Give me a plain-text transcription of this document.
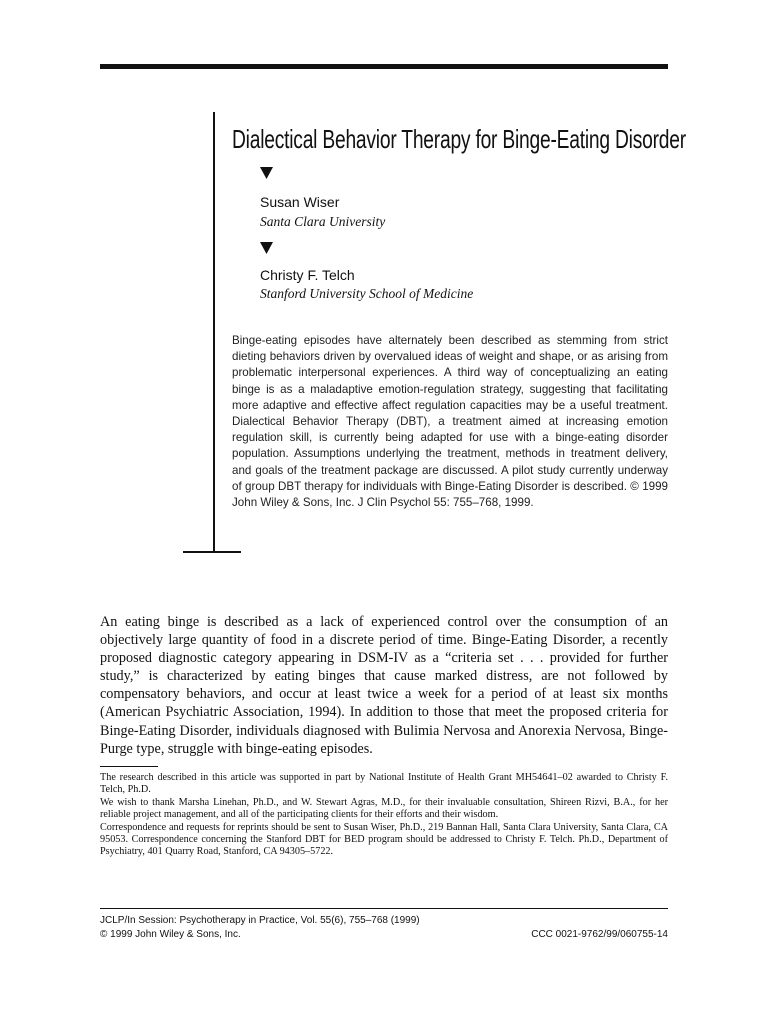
Dialectical Behavior Therapy for Binge-Eating Disorder
Susan Wiser
Santa Clara University
Christy F. Telch
Stanford University School of Medicine

Binge-eating episodes have alternately been described as stemming from strict dieting behaviors driven by overvalued ideas of weight and shape, or as arising from problematic interpersonal experiences. A third way of conceptualizing an eating binge is as a maladaptive emotion-regulation strategy, suggesting that facilitating more adaptive and effective affect regulation capacities may be a useful treatment. Dialectical Behavior Therapy (DBT), a treatment aimed at increasing emotion regulation skill, is currently being adapted for use with a binge-eating disorder population. Assumptions underlying the treatment, methods in treatment delivery, and goals of the treatment package are discussed. A pilot study currently underway of group DBT therapy for individuals with Binge-Eating Disorder is described. © 1999 John Wiley & Sons, Inc. J Clin Psychol 55: 755–768, 1999.

An eating binge is described as a lack of experienced control over the consumption of an objectively large quantity of food in a discrete period of time. Binge-Eating Disorder, a recently proposed diagnostic category appearing in DSM-IV as a “criteria set . . . provided for further study,” is characterized by eating binges that cause marked distress, are not followed by compensatory behaviors, and occur at least twice a week for a period of at least six months (American Psychiatric Association, 1994). In addition to those that meet the proposed criteria for Binge-Eating Disorder, individuals diagnosed with Bulimia Nervosa and Anorexia Nervosa, Binge-Purge type, struggle with binge-eating episodes.

The research described in this article was supported in part by National Institute of Health Grant MH54641–02 awarded to Christy F. Telch, Ph.D.

We wish to thank Marsha Linehan, Ph.D., and W. Stewart Agras, M.D., for their invaluable consultation, Shireen Rizvi, B.A., for her reliable project management, and all of the participating clients for their efforts and their wisdom.

Correspondence and requests for reprints should be sent to Susan Wiser, Ph.D., 219 Bannan Hall, Santa Clara University, Santa Clara, CA 95053. Correspondence concerning the Stanford DBT for BED program should be addressed to Christy F. Telch. Ph.D., Department of Psychiatry, 401 Quarry Road, Stanford, CA 94305–5722.

JCLP/In Session: Psychotherapy in Practice, Vol. 55(6), 755–768 (1999)
© 1999 John Wiley & Sons, Inc.	CCC 0021-9762/99/060755-14
